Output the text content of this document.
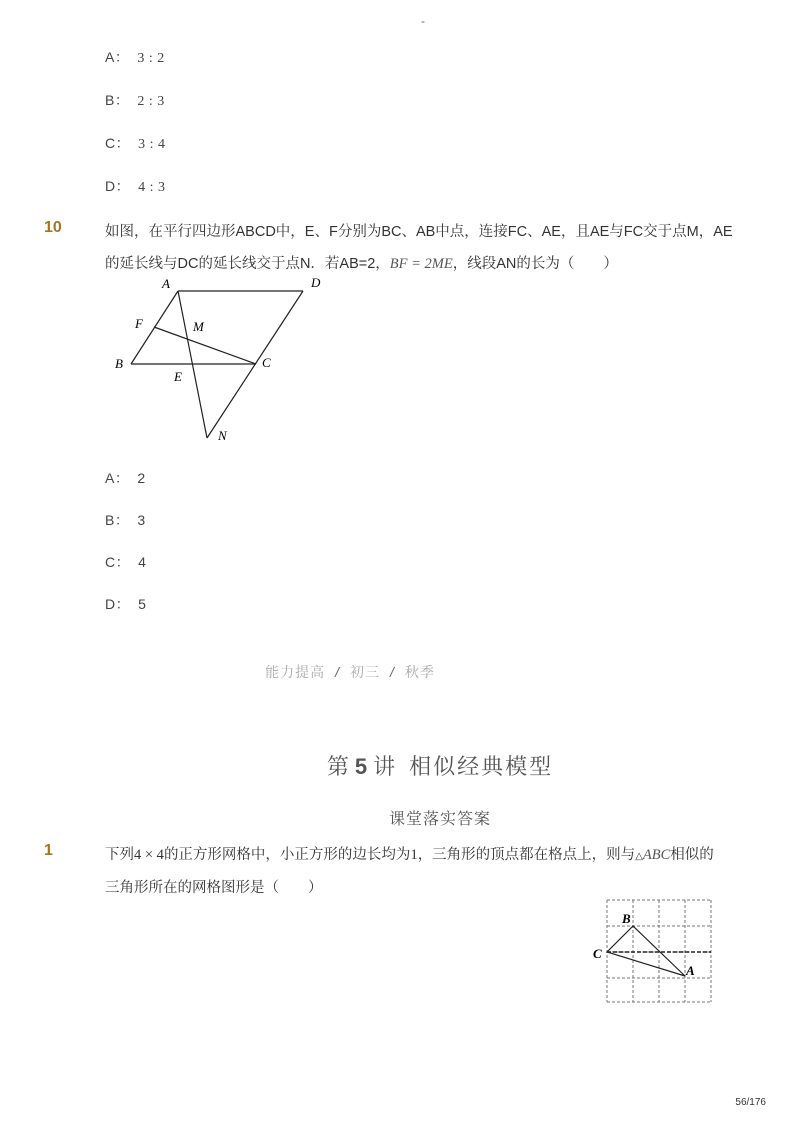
-
A： 3 : 2
B： 2 : 3
C： 3 : 4
D： 4 : 3
10	如图，在平行四边形ABCD中，E、F分别为BC、AB中点，连接FC、AE，且AE与FC交于点M，AE
的延长线与DC的延长线交于点N．若AB=2，BF = 2ME，线段AN的长为（　　）
A	D
F	M
B	C
E
N
A： 2
B： 3
C： 4
D： 5
能力提高 / 初三 / 秋季
第 5 讲 相似经典模型
课堂落实答案
1	下列4 × 4的正方形网格中，小正方形的边长均为1，三角形的顶点都在格点上，则与△ABC相似的
三角形所在的网格图形是（　　）
B
C
A
56/176
